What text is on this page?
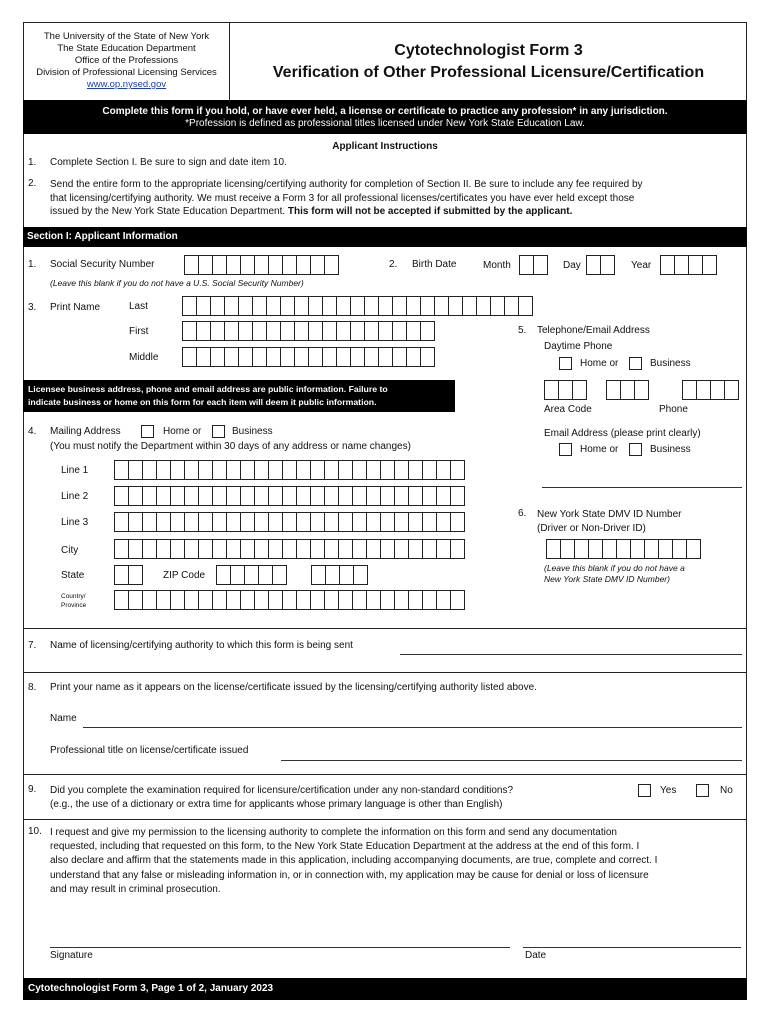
The University of the State of New York
The State Education Department
Office of the Professions
Division of Professional Licensing Services
www.op.nysed.gov
Cytotechnologist Form 3
Verification of Other Professional Licensure/Certification
Complete this form if you hold, or have ever held, a license or certificate to practice any profession* in any jurisdiction.
*Profession is defined as professional titles licensed under New York State Education Law.
Applicant Instructions
1. Complete Section I. Be sure to sign and date item 10.
2. Send the entire form to the appropriate licensing/certifying authority for completion of Section II. Be sure to include any fee required by
that licensing/certifying authority. We must receive a Form 3 for all professional licenses/certificates you have ever held except those
issued by the New York State Education Department. This form will not be accepted if submitted by the applicant.
Section I: Applicant Information
1. Social Security Number
(Leave this blank if you do not have a U.S. Social Security Number)
2. Birth Date	Month	Day	Year
3. Print Name	Last
First
Middle
5. Telephone/Email Address
Daytime Phone
Home or	Business
Area Code	Phone
Licensee business address, phone and email address are public information. Failure to
indicate business or home on this form for each item will deem it public information.
4. Mailing Address	Home or	Business
(You must notify the Department within 30 days of any address or name changes)
Line 1
Line 2
Line 3
City
State	ZIP Code
Country/
Province
Email Address (please print clearly)
Home or	Business
6. New York State DMV ID Number
(Driver or Non-Driver ID)
(Leave this blank if you do not have a
New York State DMV ID Number)
7. Name of licensing/certifying authority to which this form is being sent
8. Print your name as it appears on the license/certificate issued by the licensing/certifying authority listed above.
Name
Professional title on license/certificate issued
9. Did you complete the examination required for licensure/certification under any non-standard conditions?
(e.g., the use of a dictionary or extra time for applicants whose primary language is other than English)
Yes	No
10. I request and give my permission to the licensing authority to complete the information on this form and send any documentation
requested, including that requested on this form, to the New York State Education Department at the address at the end of this form. I
also declare and affirm that the statements made in this application, including accompanying documents, are true, complete and correct. I
understand that any false or misleading information in, or in connection with, my application may be cause for denial or loss of licensure
and may result in criminal prosecution.
Signature	Date
Cytotechnologist Form 3, Page 1 of 2, January 2023
